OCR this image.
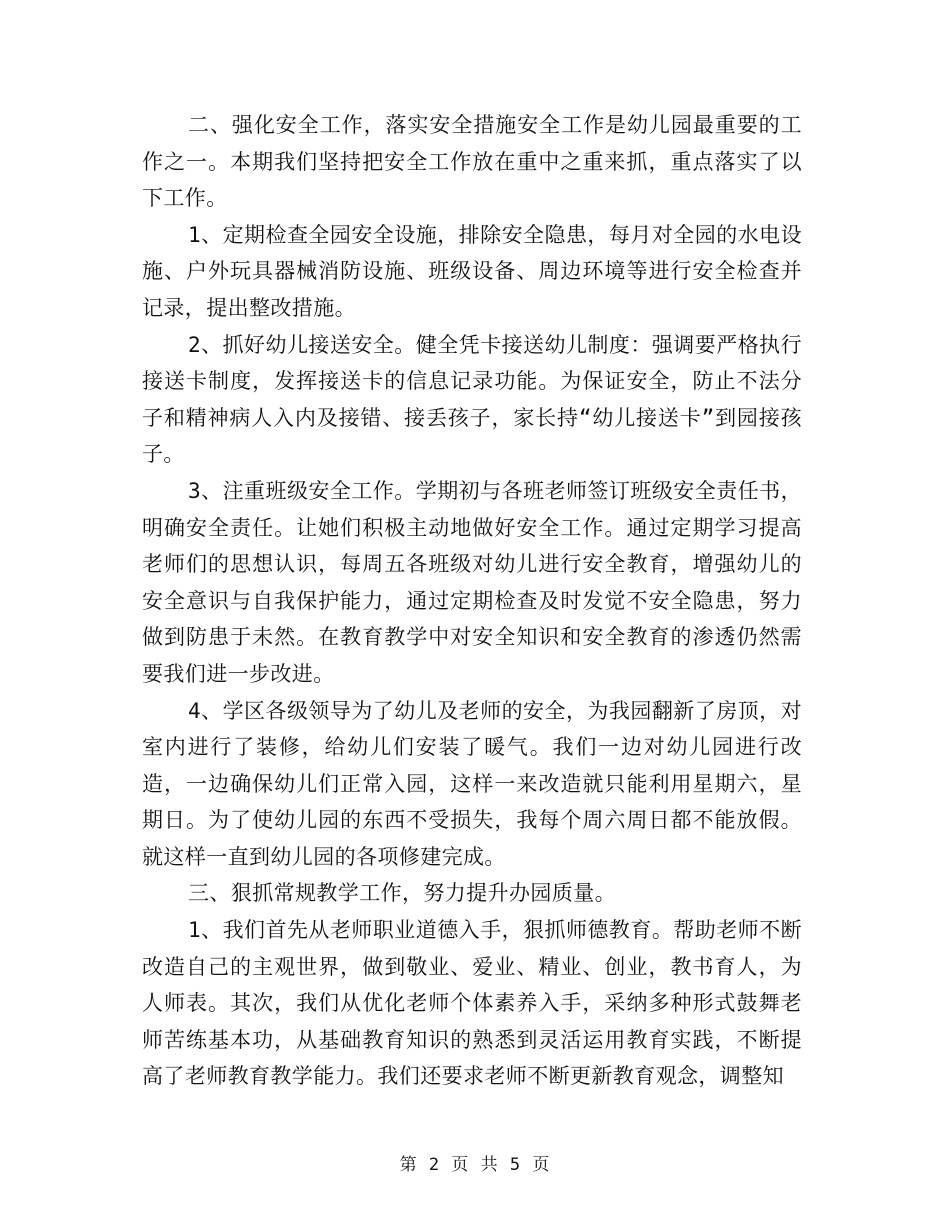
二、强化安全工作，落实安全措施安全工作是幼儿园最重要的工作之一。本期我们坚持把安全工作放在重中之重来抓，重点落实了以下工作。

1、定期检查全园安全设施，排除安全隐患，每月对全园的水电设施、户外玩具器械消防设施、班级设备、周边环境等进行安全检查并记录，提出整改措施。

2、抓好幼儿接送安全。健全凭卡接送幼儿制度：强调要严格执行接送卡制度，发挥接送卡的信息记录功能。为保证安全，防止不法分子和精神病人入内及接错、接丢孩子，家长持“幼儿接送卡”到园接孩子。

3、注重班级安全工作。学期初与各班老师签订班级安全责任书，明确安全责任。让她们积极主动地做好安全工作。通过定期学习提高老师们的思想认识，每周五各班级对幼儿进行安全教育，增强幼儿的安全意识与自我保护能力，通过定期检查及时发觉不安全隐患，努力做到防患于未然。在教育教学中对安全知识和安全教育的渗透仍然需要我们进一步改进。

4、学区各级领导为了幼儿及老师的安全，为我园翻新了房顶，对室内进行了装修，给幼儿们安装了暖气。我们一边对幼儿园进行改造，一边确保幼儿们正常入园，这样一来改造就只能利用星期六，星期日。为了使幼儿园的东西不受损失，我每个周六周日都不能放假。就这样一直到幼儿园的各项修建完成。

三、狠抓常规教学工作，努力提升办园质量。

1、我们首先从老师职业道德入手，狠抓师德教育。帮助老师不断改造自己的主观世界，做到敬业、爱业、精业、创业，教书育人，为人师表。其次，我们从优化老师个体素养入手，采纳多种形式鼓舞老师苦练基本功，从基础教育知识的熟悉到灵活运用教育实践，不断提高了老师教育教学能力。我们还要求老师不断更新教育观念，调整知

第 2 页 共 5 页
